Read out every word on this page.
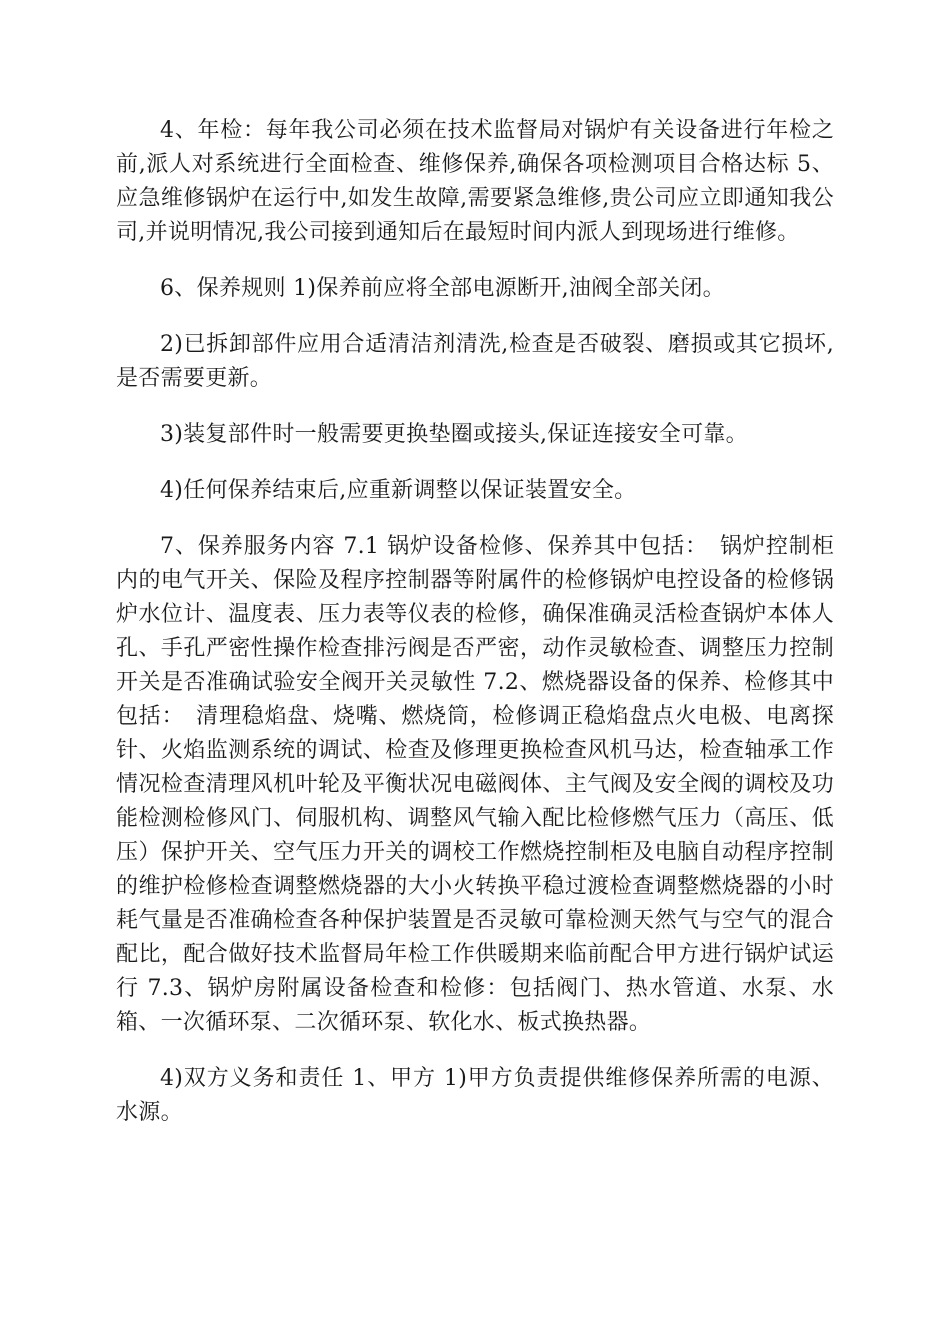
4、年检：每年我公司必须在技术监督局对锅炉有关设备进行年检之前,派人对系统进行全面检查、维修保养,确保各项检测项目合格达标 5、应急维修锅炉在运行中,如发生故障,需要紧急维修,贵公司应立即通知我公司,并说明情况,我公司接到通知后在最短时间内派人到现场进行维修。

6、保养规则 1)保养前应将全部电源断开,油阀全部关闭。

2)已拆卸部件应用合适清洁剂清洗,检查是否破裂、磨损或其它损坏,是否需要更新。

3)装复部件时一般需要更换垫圈或接头,保证连接安全可靠。

4)任何保养结束后,应重新调整以保证装置安全。

7、保养服务内容 7.1 锅炉设备检修、保养其中包括：　锅炉控制柜内的电气开关、保险及程序控制器等附属件的检修锅炉电控设备的检修锅炉水位计、温度表、压力表等仪表的检修，确保准确灵活检查锅炉本体人孔、手孔严密性操作检查排污阀是否严密，动作灵敏检查、调整压力控制开关是否准确试验安全阀开关灵敏性 7.2、燃烧器设备的保养、检修其中包括：　清理稳焰盘、烧嘴、燃烧筒，检修调正稳焰盘点火电极、电离探针、火焰监测系统的调试、检查及修理更换检查风机马达，检查轴承工作情况检查清理风机叶轮及平衡状况电磁阀体、主气阀及安全阀的调校及功能检测检修风门、伺服机构、调整风气输入配比检修燃气压力（高压、低压）保护开关、空气压力开关的调校工作燃烧控制柜及电脑自动程序控制的维护检修检查调整燃烧器的大小火转换平稳过渡检查调整燃烧器的小时耗气量是否准确检查各种保护装置是否灵敏可靠检测天然气与空气的混合配比，配合做好技术监督局年检工作供暖期来临前配合甲方进行锅炉试运行 7.3、锅炉房附属设备检查和检修：包括阀门、热水管道、水泵、水箱、一次循环泵、二次循环泵、软化水、板式换热器。

4)双方义务和责任 1、甲方 1)甲方负责提供维修保养所需的电源、水源。
